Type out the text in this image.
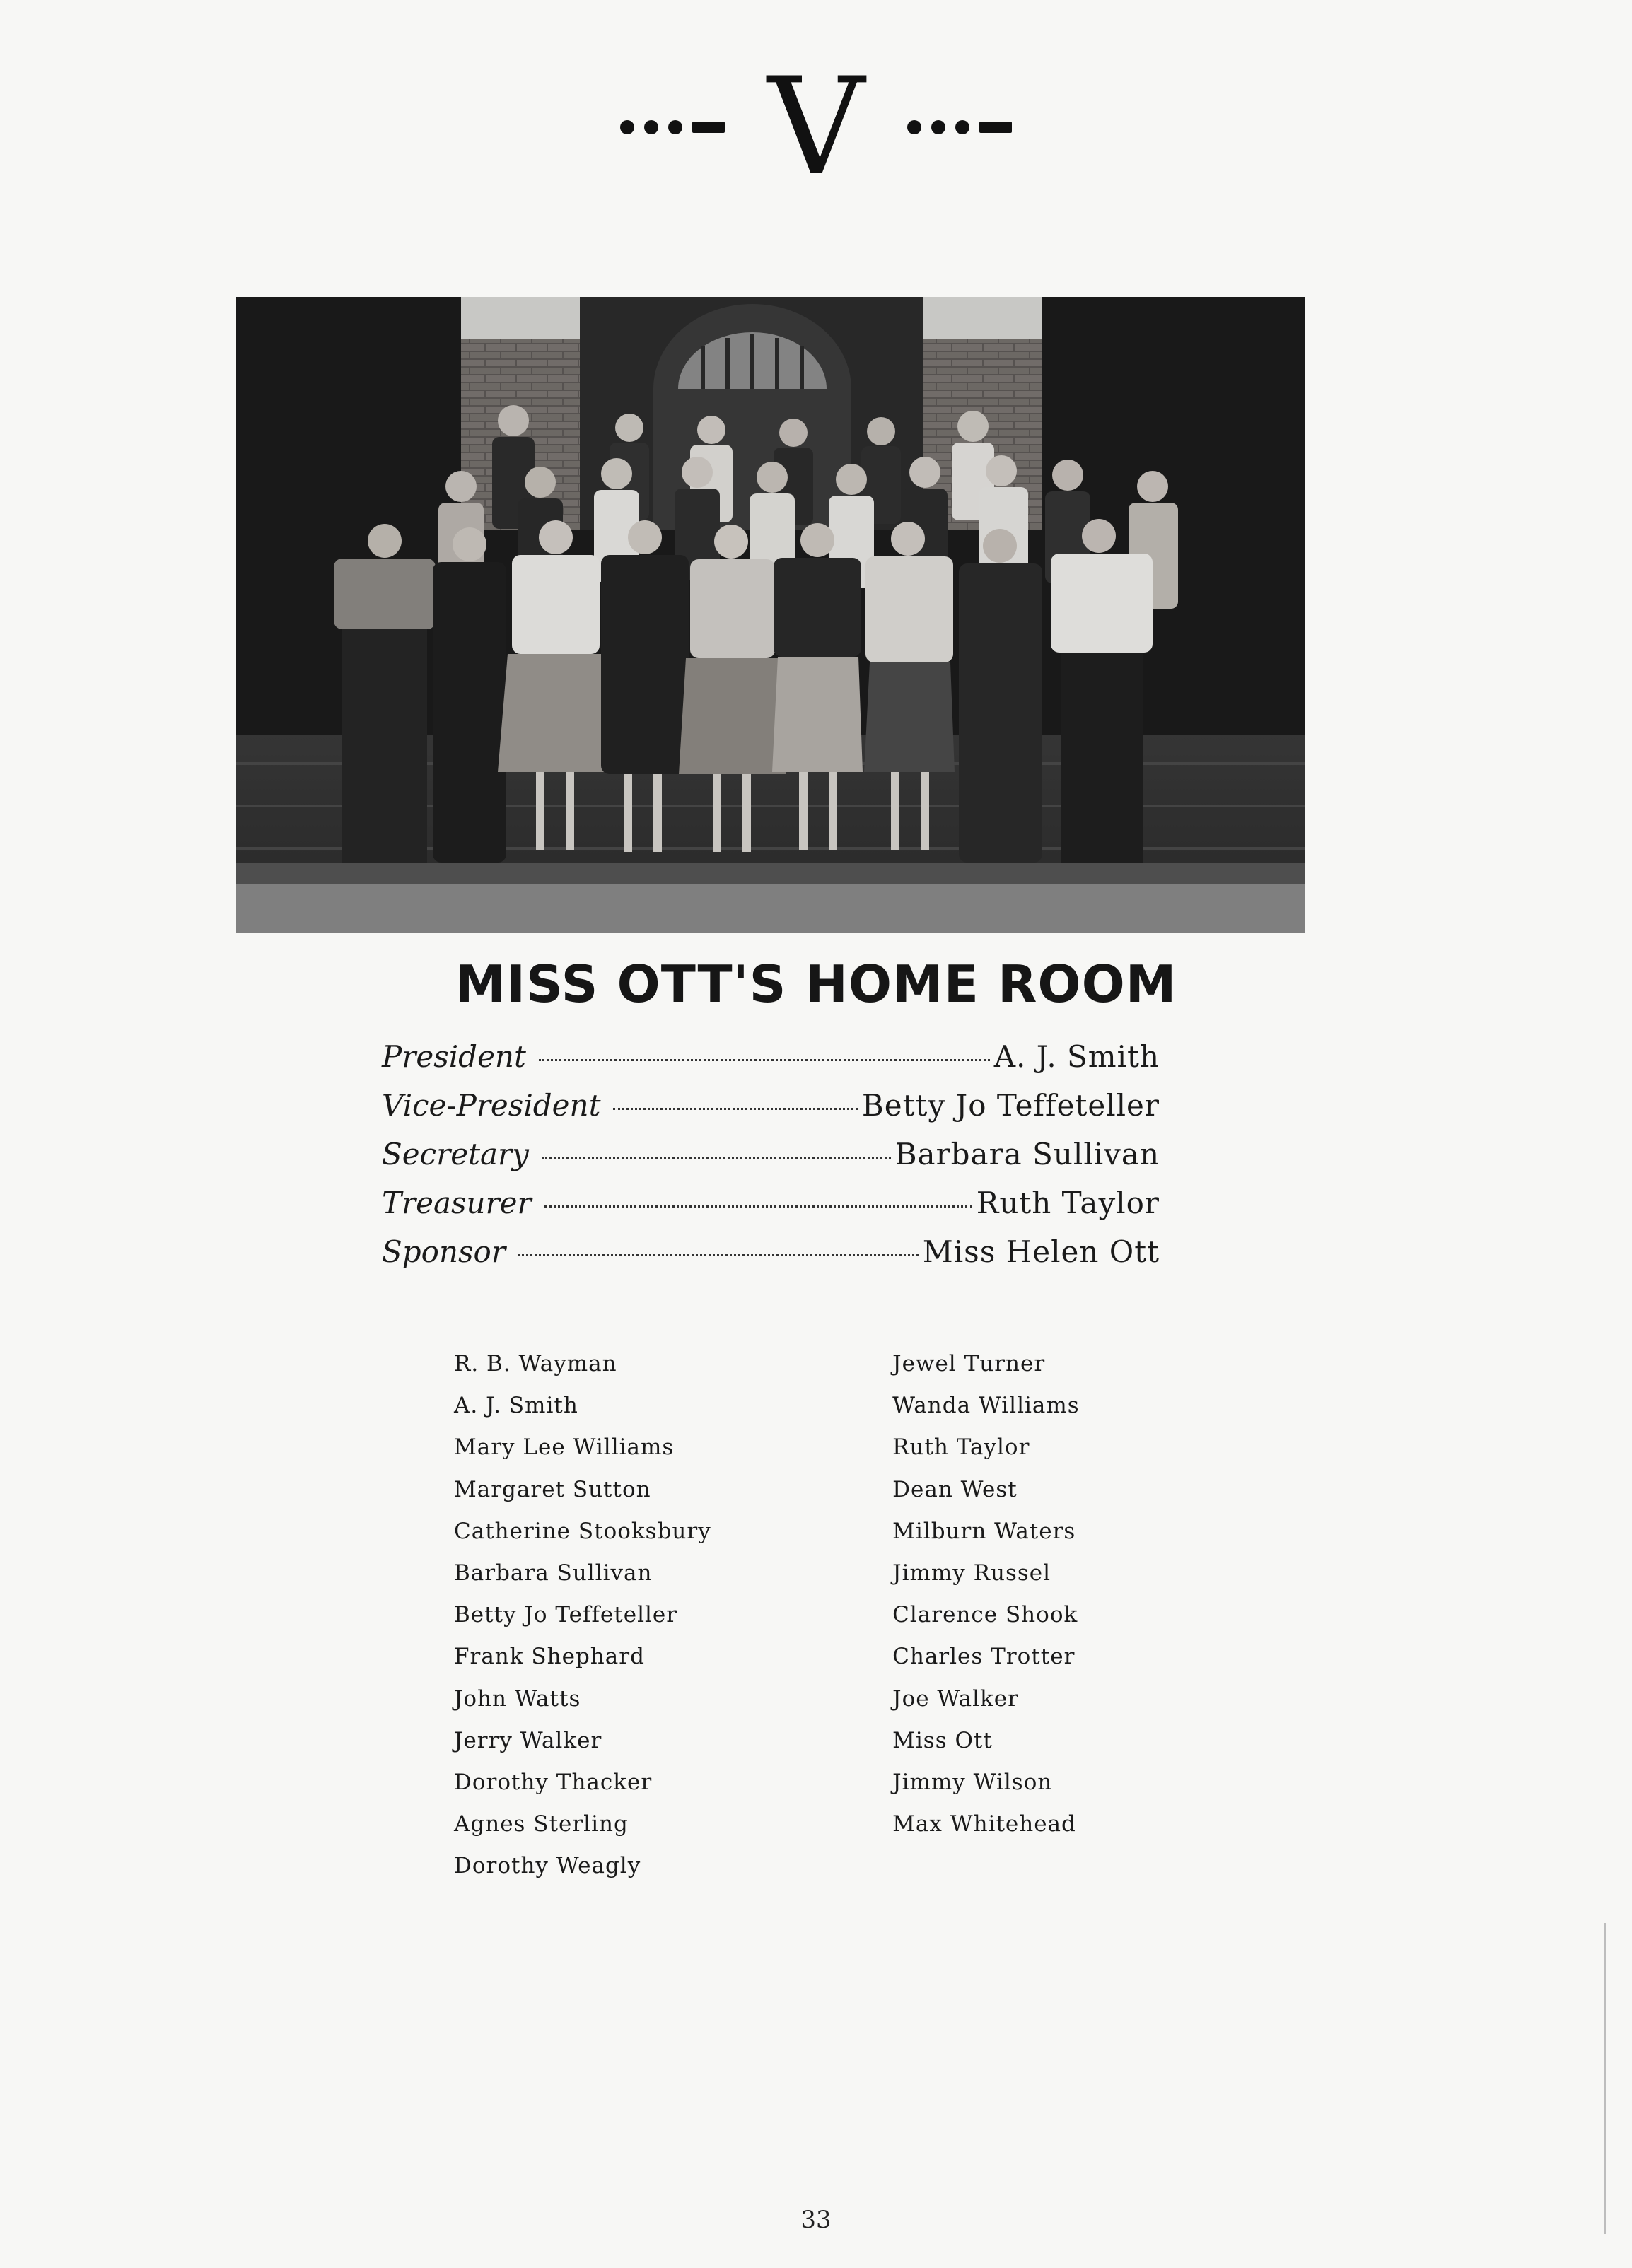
V
MISS OTT'S HOME ROOM
President	A. J. Smith
Vice-President	Betty Jo Teffeteller
Secretary	Barbara Sullivan
Treasurer	Ruth Taylor
Sponsor	Miss Helen Ott
R. B. Wayman
A. J. Smith
Mary Lee Williams
Margaret Sutton
Catherine Stooksbury
Barbara Sullivan
Betty Jo Teffeteller
Frank Shephard
John Watts
Jerry Walker
Dorothy Thacker
Agnes Sterling
Dorothy Weagly
Jewel Turner
Wanda Williams
Ruth Taylor
Dean West
Milburn Waters
Jimmy Russel
Clarence Shook
Charles Trotter
Joe Walker
Miss Ott
Jimmy Wilson
Max Whitehead
33
